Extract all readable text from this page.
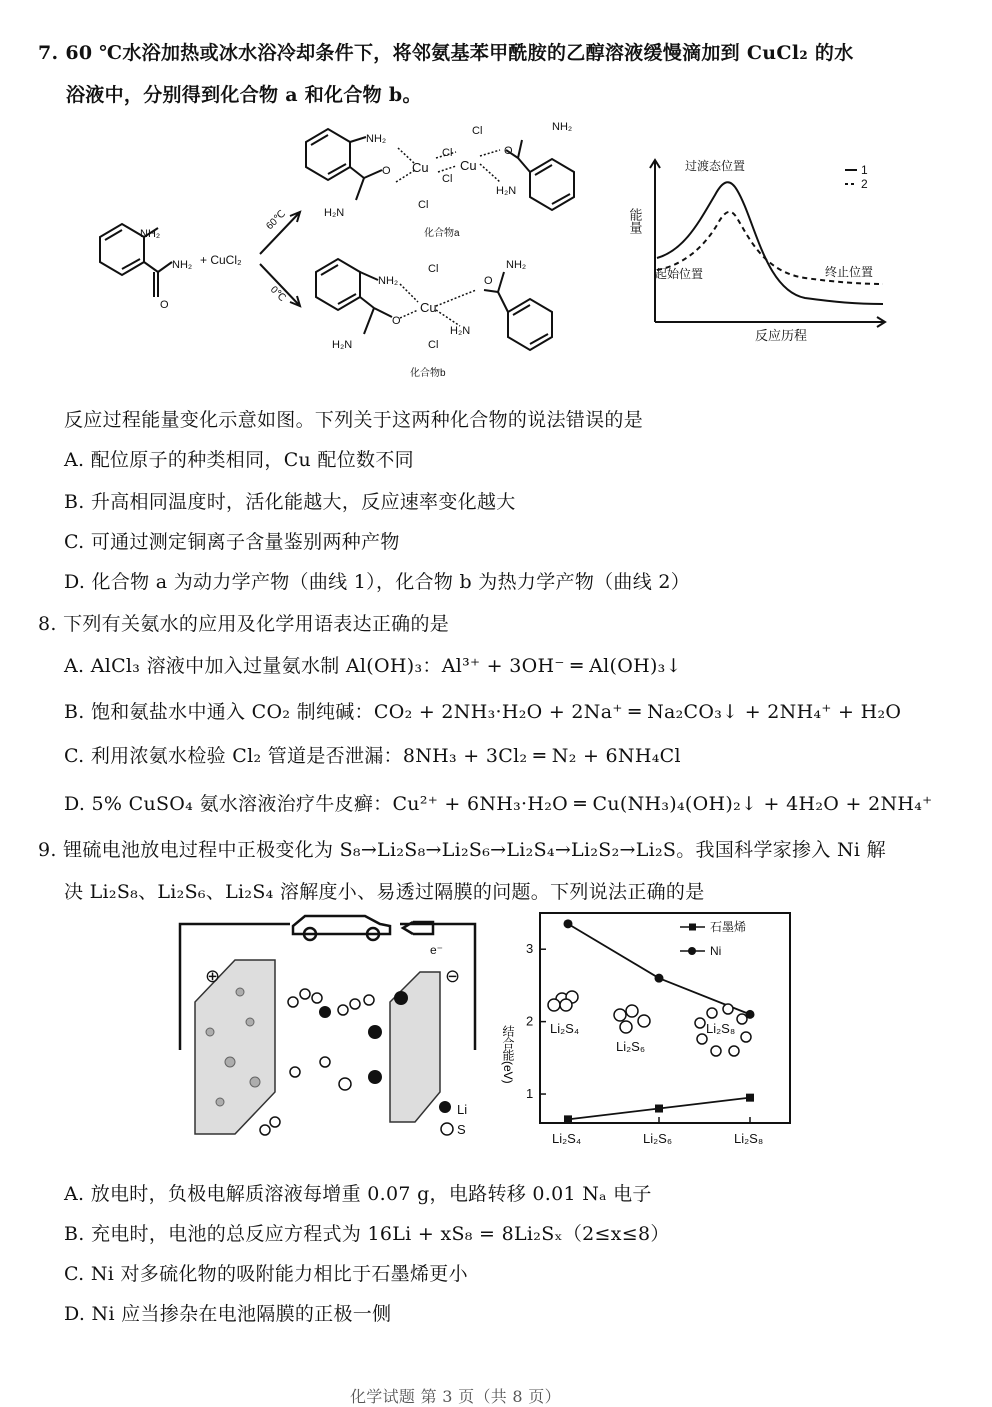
7. 60 ℃水浴加热或冰水浴冷却条件下，将邻氨基苯甲酰胺的乙醇溶液缓慢滴加到 CuCl₂ 的水
浴液中，分别得到化合物 a 和化合物 b。
NH₂
NH₂
O
+ CuCl₂
60℃
0℃
NH₂
O
H₂N
Cu
Cl
Cl
Cl
Cu
Cl
O
H₂N
NH₂
化合物a
NH₂
O
H₂N
Cu
Cl
Cl
O
H₂N
NH₂
化合物b
能量
反应历程
过渡态位置
起始位置	终止位置
1
2
反应过程能量变化示意如图。下列关于这两种化合物的说法错误的是
A. 配位原子的种类相同，Cu 配位数不同
B. 升高相同温度时，活化能越大，反应速率变化越大
C. 可通过测定铜离子含量鉴别两种产物
D. 化合物 a 为动力学产物（曲线 1），化合物 b 为热力学产物（曲线 2）
8. 下列有关氨水的应用及化学用语表达正确的是
A. AlCl₃ 溶液中加入过量氨水制 Al(OH)₃：Al³⁺ + 3OH⁻ ═ Al(OH)₃↓
B. 饱和氨盐水中通入 CO₂ 制纯碱：CO₂ + 2NH₃·H₂O + 2Na⁺ ═ Na₂CO₃↓ + 2NH₄⁺ + H₂O
C. 利用浓氨水检验 Cl₂ 管道是否泄漏：8NH₃ + 3Cl₂ ═ N₂ + 6NH₄Cl
D. 5% CuSO₄ 氨水溶液治疗牛皮癣：Cu²⁺ + 6NH₃·H₂O ═ Cu(NH₃)₄(OH)₂↓ + 4H₂O + 2NH₄⁺
9. 锂硫电池放电过程中正极变化为 S₈→Li₂S₈→Li₂S₆→Li₂S₄→Li₂S₂→Li₂S。我国科学家掺入 Ni 解
决 Li₂S₈、Li₂S₆、Li₂S₄ 溶解度小、易透过隔膜的问题。下列说法正确的是
⊕	⊖
e⁻
Li
S
结合能(eV)
1
2
3
Li₂S₄	Li₂S₆	Li₂S₈
石墨烯
Ni
Li₂S₄
Li₂S₆
Li₂S₈
A. 放电时，负极电解质溶液每增重 0.07 g，电路转移 0.01 Nₐ 电子
B. 充电时，电池的总反应方程式为 16Li + xS₈ = 8Li₂Sₓ（2≤x≤8）
C. Ni 对多硫化物的吸附能力相比于石墨烯更小
D. Ni 应当掺杂在电池隔膜的正极一侧
化学试题 第 3 页（共 8 页）
